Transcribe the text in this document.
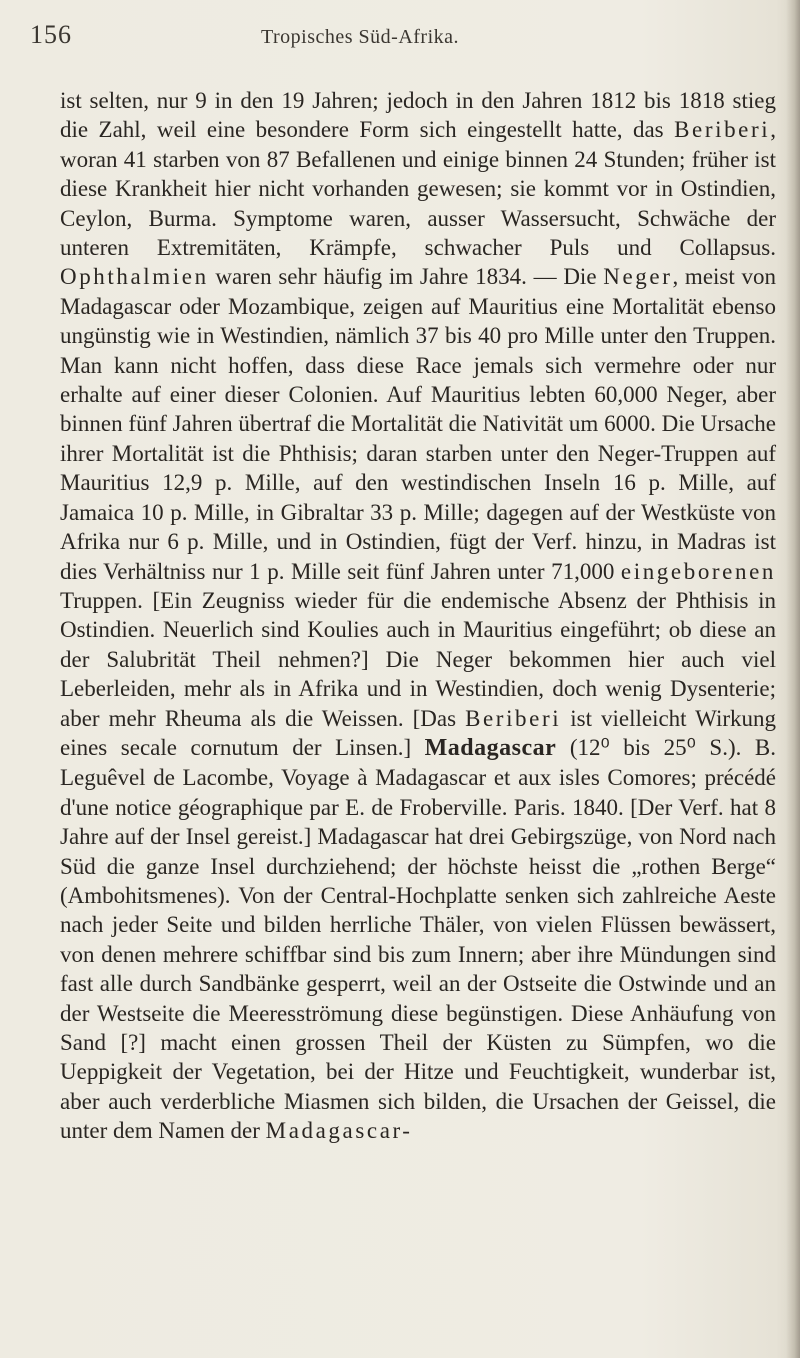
156	Tropisches Süd-Afrika.

ist selten, nur 9 in den 19 Jahren; jedoch in den Jahren 1812 bis 1818 stieg die Zahl, weil eine besondere Form sich eingestellt hatte, das Beriberi, woran 41 starben von 87 Befallenen und einige binnen 24 Stunden; früher ist diese Krankheit hier nicht vorhanden gewesen; sie kommt vor in Ostindien, Ceylon, Burma. Symptome waren, ausser Wassersucht, Schwäche der unteren Extremitäten, Krämpfe, schwacher Puls und Collapsus. Ophthalmien waren sehr häufig im Jahre 1834. — Die Neger, meist von Madagascar oder Mozambique, zeigen auf Mauritius eine Mortalität ebenso ungünstig wie in Westindien, nämlich 37 bis 40 pro Mille unter den Truppen. Man kann nicht hoffen, dass diese Race jemals sich vermehre oder nur erhalte auf einer dieser Colonien. Auf Mauritius lebten 60,000 Neger, aber binnen fünf Jahren übertraf die Mortalität die Nativität um 6000. Die Ursache ihrer Mortalität ist die Phthisis; daran starben unter den Neger-Truppen auf Mauritius 12,9 p. Mille, auf den westindischen Inseln 16 p. Mille, auf Jamaica 10 p. Mille, in Gibraltar 33 p. Mille; dagegen auf der Westküste von Afrika nur 6 p. Mille, und in Ostindien, fügt der Verf. hinzu, in Madras ist dies Verhältniss nur 1 p. Mille seit fünf Jahren unter 71,000 eingeborenen Truppen. [Ein Zeugniss wieder für die endemische Absenz der Phthisis in Ostindien. Neuerlich sind Koulies auch in Mauritius eingeführt; ob diese an der Salubrität Theil nehmen?] Die Neger bekommen hier auch viel Leberleiden, mehr als in Afrika und in Westindien, doch wenig Dysenterie; aber mehr Rheuma als die Weissen. [Das Beriberi ist vielleicht Wirkung eines secale cornutum der Linsen.] Madagascar (12⁰ bis 25⁰ S.). B. Leguêvel de Lacombe, Voyage à Madagascar et aux isles Comores; précédé d'une notice géographique par E. de Froberville. Paris. 1840. [Der Verf. hat 8 Jahre auf der Insel gereist.] Madagascar hat drei Gebirgszüge, von Nord nach Süd die ganze Insel durchziehend; der höchste heisst die „rothen Berge“ (Ambohitsmenes). Von der Central-Hochplatte senken sich zahlreiche Aeste nach jeder Seite und bilden herrliche Thäler, von vielen Flüssen bewässert, von denen mehrere schiffbar sind bis zum Innern; aber ihre Mündungen sind fast alle durch Sandbänke gesperrt, weil an der Ostseite die Ostwinde und an der Westseite die Meeresströmung diese begünstigen. Diese Anhäufung von Sand [?] macht einen grossen Theil der Küsten zu Sümpfen, wo die Ueppigkeit der Vegetation, bei der Hitze und Feuchtigkeit, wunderbar ist, aber auch verderbliche Miasmen sich bilden, die Ursachen der Geissel, die unter dem Namen der Madagascar-
